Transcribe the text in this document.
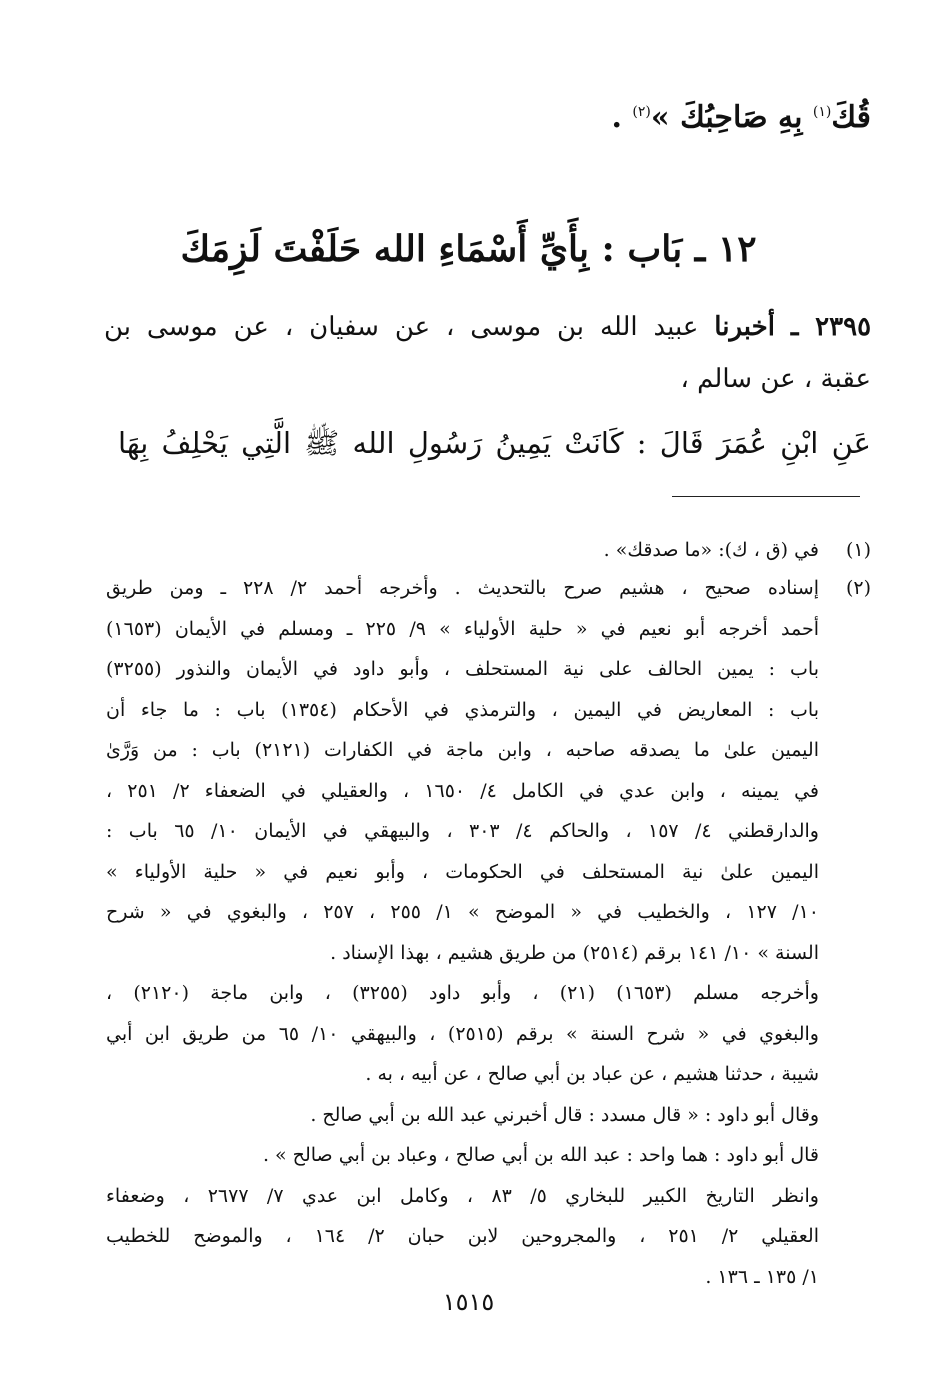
قُكَ$^{(١)}$ بِهِ صَاحِبُكَ »$^{(٢)}$ .
١٢ ـ بَاب : بِأَيِّ أَسْمَاءِ الله حَلَفْتَ لَزِمَكَ
٢٣٩٥ ـ أخبرنا عبيد الله بن موسى ، عن سفيان ، عن موسى بن
عقبة ، عن سالم ،
عَنِ ابْنِ عُمَرَ قَالَ : كَانَتْ يَمِينُ رَسُولِ الله ﷺ الَّتِي يَحْلِفُ بِهَا
(١)
في (ق ، ك): «ما صدقك» .
(٢)
إسناده صحيح ، هشيم صرح بالتحديث . وأخرجه أحمد ٢/ ٢٢٨ ـ ومن طريق
أحمد أخرجه أبو نعيم في « حلية الأولياء » ٩/ ٢٢٥ ـ ومسلم في الأيمان (١٦٥٣)
باب : يمين الحالف على نية المستحلف ، وأبو داود في الأيمان والنذور (٣٢٥٥)
باب : المعاريض في اليمين ، والترمذي في الأحكام (١٣٥٤) باب : ما جاء أن
اليمين علىٰ ما يصدقه صاحبه ، وابن ماجة في الكفارات (٢١٢١) باب : من وَرَّىٰ
في يمينه ، وابن عدي في الكامل ٤/ ١٦٥٠ ، والعقيلي في الضعفاء ٢/ ٢٥١ ،
والدارقطني ٤/ ١٥٧ ، والحاكم ٤/ ٣٠٣ ، والبيهقي في الأيمان ١٠/ ٦٥ باب :
اليمين علىٰ نية المستحلف في الحكومات ، وأبو نعيم في « حلية الأولياء »
١٠/ ١٢٧ ، والخطيب في « الموضح » ١/ ٢٥٥ ، ٢٥٧ ، والبغوي في « شرح
السنة » ١٠/ ١٤١ برقم (٢٥١٤) من طريق هشيم ، بهذا الإسناد .
وأخرجه مسلم (١٦٥٣) (٢١) ، وأبو داود (٣٢٥٥) ، وابن ماجة (٢١٢٠) ،
والبغوي في « شرح السنة » برقم (٢٥١٥) ، والبيهقي ١٠/ ٦٥ من طريق ابن أبي
شيبة ، حدثنا هشيم ، عن عباد بن أبي صالح ، عن أبيه ، به .
وقال أبو داود : « قال مسدد : قال أخبرني عبد الله بن أبي صالح .
قال أبو داود : هما واحد : عبد الله بن أبي صالح ، وعباد بن أبي صالح » .
وانظر التاريخ الكبير للبخاري ٥/ ٨٣ ، وكامل ابن عدي ٧/ ٢٦٧٧ ، وضعفاء
العقيلي ٢/ ٢٥١ ، والمجروحين لابن حبان ٢/ ١٦٤ ، والموضح للخطيب
١/ ١٣٥ ـ ١٣٦ .
١٥١٥
